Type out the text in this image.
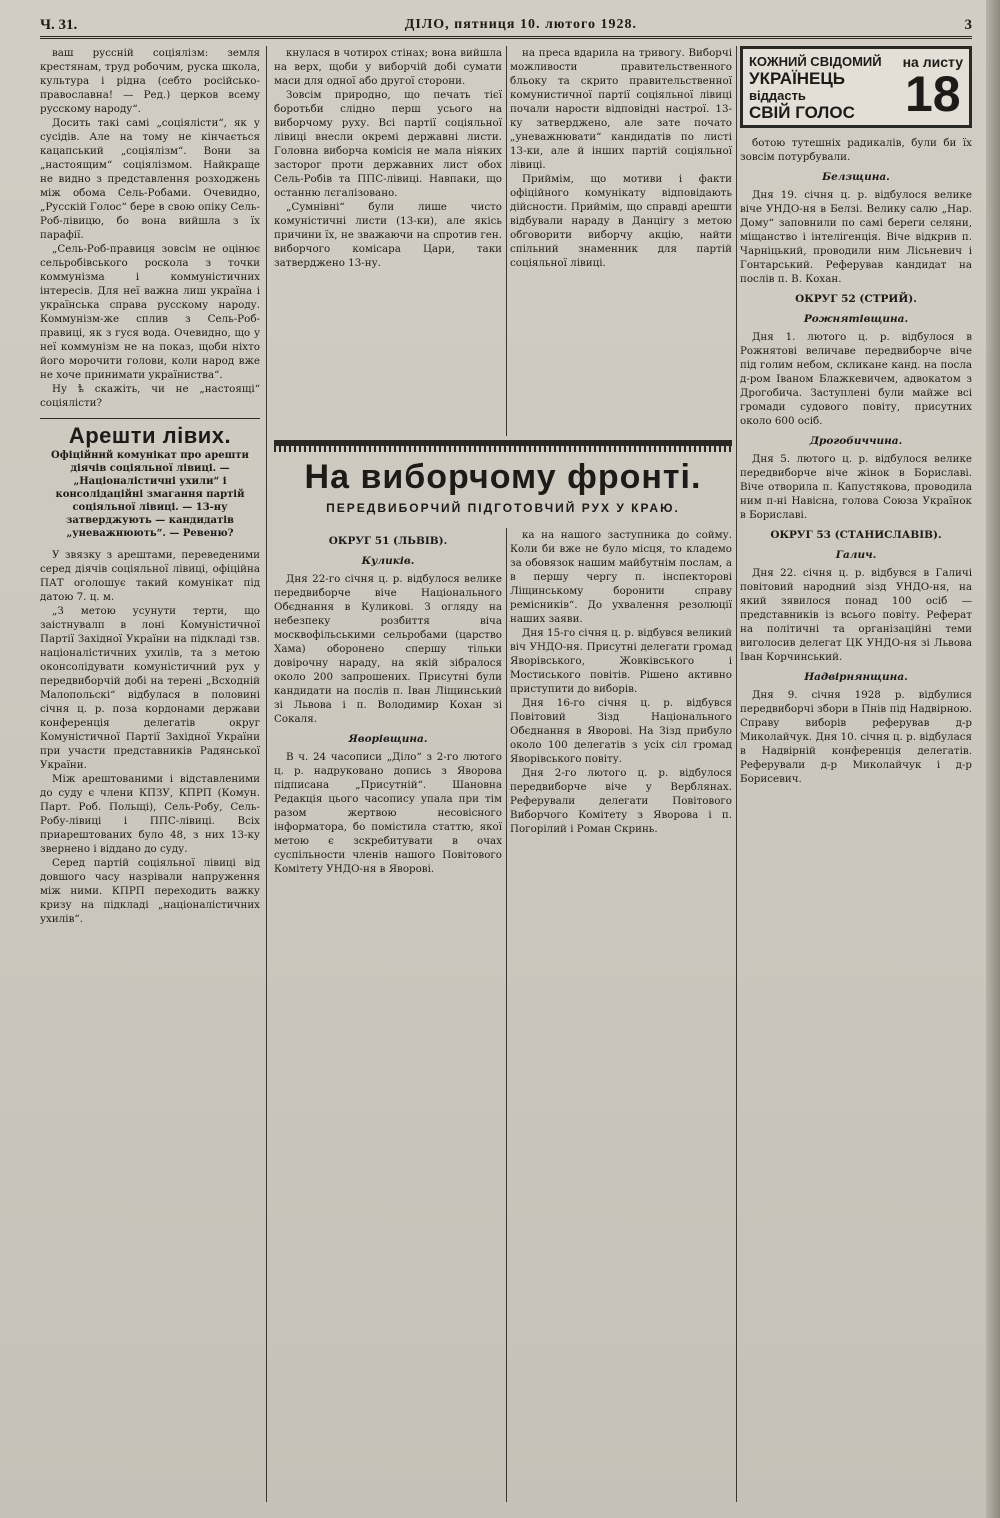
Ч. 31.	ДІЛО, пятниця 10. лютого 1928.	3

ваш руссній соціялізм: земля крестянам, труд робочим, руска школа, культура і рідна (себто російсько-православна! — Ред.) церков всему русскому народу“.

Досить такі самі „соціялісти“, як у сусідів. Але на тому не кінчається кацапський „соціялізм“. Вони за „настоящим“ соціялізмом. Найкраще не видно з представлення розходжень між обома Сель-Робами. Очевидно, „Русскій Голос“ бере в свою опіку Сель-Роб-лівицю, бо вона вийшла з їх парафії.

„Сель-Роб-правиця зовсім не оцінює сельробівського роскола з точки коммунізма і коммуністичних інтересів. Для неї важна лиш україна і українська справа русскому народу. Коммунізм-же сплив з Сель-Роб-правиці, як з гуся вода. Очевидно, що у неї коммунізм не на показ, щоби ніхто його морочити голови, коли народ вже не хоче принимати україниства“.

Ну ѣ скажіть, чи не „настоящі“ соціялісти?

Арешти лівих.
Офіційний комунікат про арешти діячів соціяльної лівиці. — „Націоналістичні ухили“ і консолідаційні змагання партій соціяльної лівиці. — 13-ну затверджують — кандидатів „уневажнюють“. — Ревеню?

У звязку з арештами, переведеними серед діячів соціяльної лівиці, офіційна ПАТ оголошує такий комунікат під датою 7. ц. м.

„З метою усунути терти, що заістнувалп в лоні Комуністичної Партії Західної України на підкладі тзв. націоналістичних ухилів, та з метою оконсолідувати комуністичний рух у передвиборчій добі на терені „Всходній Малопольскі“ відбулася в половині січня ц. р. поза кордонами держави конференція делегатів округ Комуністичної Партії Західної України при участи представників Радянської України.

Між арештованими і відставленими до суду є члени КПЗУ, КПРП (Комун. Парт. Роб. Польщі), Сель-Робу, Сель-Робу-лівиці і ППС-лівиці. Всіх приарештованих було 48, з них 13-ку звернено і віддано до суду.

Серед партій соціяльної лівиці від довшого часу назрівали напруження між ними. КПРП переходить важку кризу на підкладі „націоналістичних ухилів“.

кнулася в чотирох стінах; вона вийшла на верх, щоби у виборчій добі сумати маси для одної або другої сторони.

Зовсім природно, що печать тієї боротьби слідно перш усього на виборчому руху. Всі партії соціяльної лівиці внесли окремі державні листи. Головна виборча комісія не мала ніяких засторог проти державних лист обох Сель-Робів та ППС-лівиці. Навпаки, що останню лєгалізовано.

„Сумнівні“ були лише чисто комуністичні листи (13-ки), але якісь причини їх, не зважаючи на спротив ген. виборчого комісара Цари, таки затверджено 13-ну.

на преса вдарила на тривогу. Виборчі можливости правительственного бльоку та скрито правительственної комунистичної партії соціяльної лівиці почали нарости відповідні настрої. 13-ку затверджено, але зате почато „уневажнювати“ кандидатів по листі 13-ки, але й інших партій соціяльної лівиці.

Приймім, що мотиви і факти офіційного комунікату відповідають дійсности. Приймім, що справді арешти відбували нараду в Данцігу з метою обговорити виборчу акцію, найти спільний знаменник для партій соціяльної лівиці.

На виборчому фронті.
ПЕРЕДВИБОРЧИЙ ПІДГОТОВЧИЙ РУХ У КРАЮ.
ОКРУГ 51 (ЛЬВІВ).
Куликів.

Дня 22-го січня ц. р. відбулося велике передвиборче віче Національного Обєднання в Куликові. З огляду на небезпеку розбиття віча москвофільськими сельробами (царство Хама) оборонено спершу тільки довірочну нараду, на якій зібралося около 200 запрошених. Присутні були кандидати на послів п. Іван Ліщинський зі Львова і п. Володимир Кохан зі Сокаля.

Яворівщина.

В ч. 24 часописи „Діло“ з 2-го лютого ц. р. надруковано допись з Яворова підписана „Присутній“. Шановна Редакція цього часопису упала при тім разом жертвою несовісного інформатора, бо помістила статтю, якої метою є зскребитувати в очах суспільности членів нашого Повітового Комітету УНДО-ня в Яворові.

ка на нашого заступника до сойму. Коли би вже не було місця, то кладемо за обовязок нашим майбутнім послам, а в першу чергу п. інспекторові Ліщинському боронити справу ремісників“. До ухвалення резолюції наших заяви.

Дня 15-го січня ц. р. відбувся великий віч УНДО-ня. Присутні делегати громад Яворівського, Жовківського і Мостиського повітів. Рішено активно приступити до виборів.

Дня 16-го січня ц. р. відбувся Повітовий Зізд Національного Обєднання в Яворові. На Зізд прибуло около 100 делегатів з усіх сіл громад Яворівського повіту.

Дня 2-го лютого ц. р. відбулося передвиборче віче у Верблянах. Реферували делегати Повітового Виборчого Комітету з Яворова і п. Погорілий і Роман Скринь.

КОЖНИЙ СВІДОМИЙ
УКРАЇНЕЦЬ
віддасть
СВІЙ ГОЛОС
на листу
18

ботою тутешніх радикалів, були би їх зовсім потурбували.

Белзщина.

Дня 19. січня ц. р. відбулося велике віче УНДО-ня в Белзі. Велику салю „Нар. Дому“ заповнили по самі береги селяни, міщанство і інтелігенція. Віче відкрив п. Чарніцький, проводили ним Лісьневич і Гонтарський. Реферував кандидат на послів п. В. Кохан.

ОКРУГ 52 (СТРИЙ).
Рожнятівщина.

Дня 1. лютого ц. р. відбулося в Рожнятові величаве передвиборче віче під голим небом, скликане канд. на посла д-ром Іваном Блажкевичем, адвокатом з Дрогобича. Заступлені були майже всі громади судового повіту, присутних около 600 осіб.

Дрогобиччина.

Дня 5. лютого ц. р. відбулося велике передвиборче віче жінок в Бориславі. Віче отворила п. Капустякова, проводила ним п-ні Навісна, голова Союза Українок в Бориславі.

ОКРУГ 53 (СТАНИСЛАВІВ).
Галич.

Дня 22. січня ц. р. відбувся в Галичі повітовий народний зізд УНДО-ня, на який зявилося понад 100 осіб — представників із всього повіту. Реферат на політичні та організаційні теми виголосив делегат ЦК УНДО-ня зі Львова Іван Корчинський.

Надвірнянщина.

Дня 9. січня 1928 р. відбулися передвиборчі збори в Пнів під Надвірною. Справу виборів реферував д-р Миколайчук. Дня 10. січня ц. р. відбулася в Надвірній конференція делегатів. Реферували д-р Миколайчук і д-р Борисевич.
